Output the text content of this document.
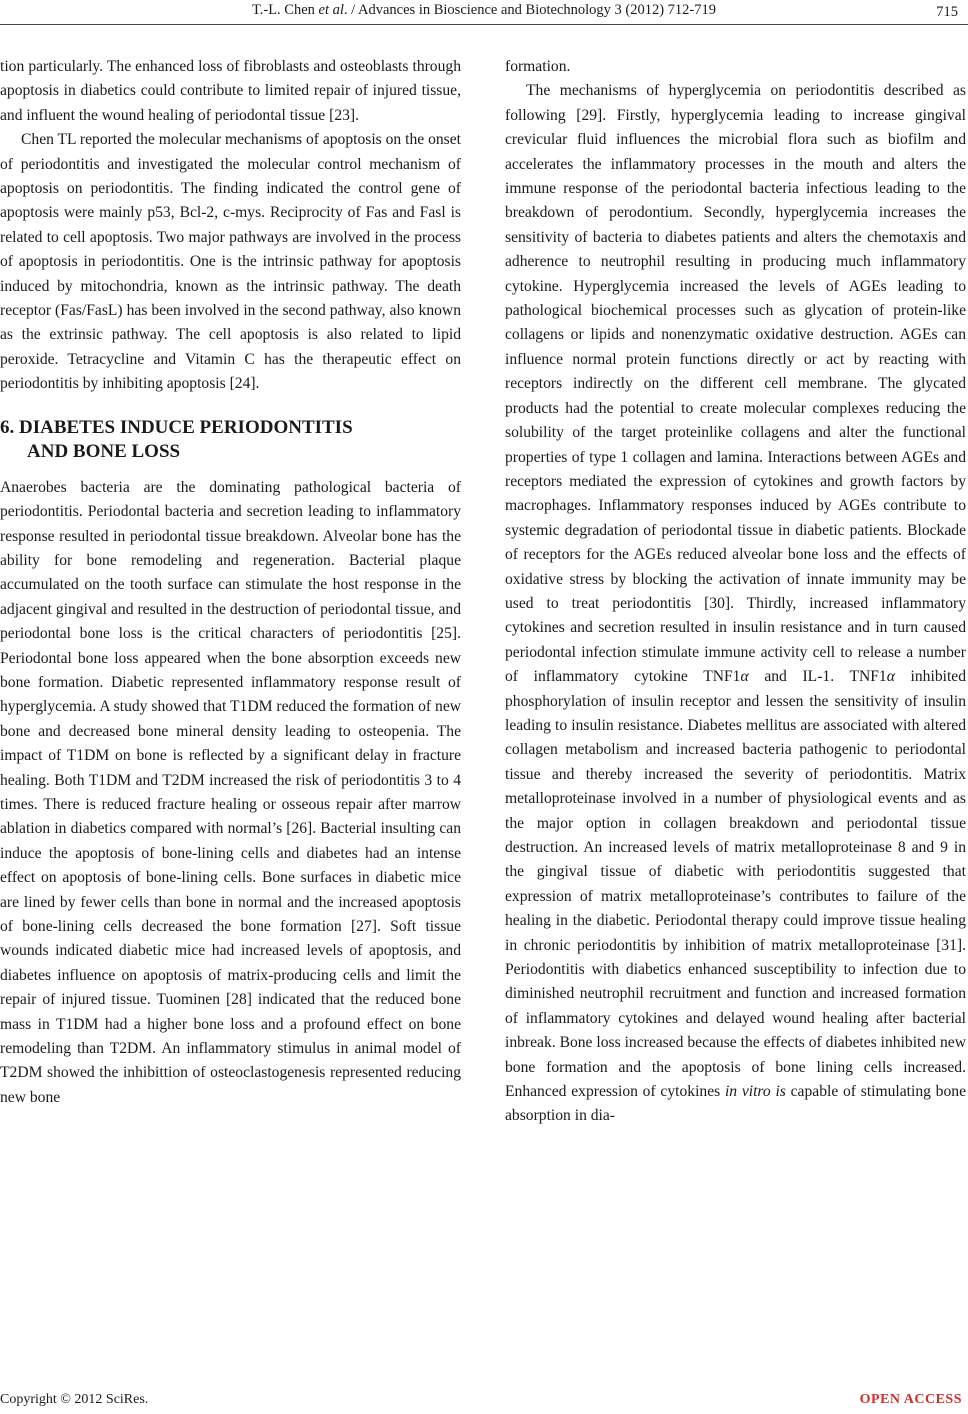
T.-L. Chen et al. / Advances in Bioscience and Biotechnology 3 (2012) 712-719	715

tion particularly. The enhanced loss of fibroblasts and osteoblasts through apoptosis in diabetics could contribute to limited repair of injured tissue, and influent the wound healing of periodontal tissue [23].

Chen TL reported the molecular mechanisms of apoptosis on the onset of periodontitis and investigated the molecular control mechanism of apoptosis on periodontitis. The finding indicated the control gene of apoptosis were mainly p53, Bcl-2, c-mys. Reciprocity of Fas and Fasl is related to cell apoptosis. Two major pathways are involved in the process of apoptosis in periodontitis. One is the intrinsic pathway for apoptosis induced by mitochondria, known as the intrinsic pathway. The death receptor (Fas/FasL) has been involved in the second pathway, also known as the extrinsic pathway. The cell apoptosis is also related to lipid peroxide. Tetracycline and Vitamin C has the therapeutic effect on periodontitis by inhibiting apoptosis [24].

6. DIABETES INDUCE PERIODONTITIS
AND BONE LOSS

Anaerobes bacteria are the dominating pathological bacteria of periodontitis. Periodontal bacteria and secretion leading to inflammatory response resulted in periodontal tissue breakdown. Alveolar bone has the ability for bone remodeling and regeneration. Bacterial plaque accumulated on the tooth surface can stimulate the host response in the adjacent gingival and resulted in the destruction of periodontal tissue, and periodontal bone loss is the critical characters of periodontitis [25]. Periodontal bone loss appeared when the bone absorption exceeds new bone formation. Diabetic represented inflammatory response result of hyperglycemia. A study showed that T1DM reduced the formation of new bone and decreased bone mineral density leading to osteopenia. The impact of T1DM on bone is reflected by a significant delay in fracture healing. Both T1DM and T2DM increased the risk of periodontitis 3 to 4 times. There is reduced fracture healing or osseous repair after marrow ablation in diabetics compared with normal’s [26]. Bacterial insulting can induce the apoptosis of bone-lining cells and diabetes had an intense effect on apoptosis of bone-lining cells. Bone surfaces in diabetic mice are lined by fewer cells than bone in normal and the increased apoptosis of bone-lining cells decreased the bone formation [27]. Soft tissue wounds indicated diabetic mice had increased levels of apoptosis, and diabetes influence on apoptosis of matrix-producing cells and limit the repair of injured tissue. Tuominen [28] indicated that the reduced bone mass in T1DM had a higher bone loss and a profound effect on bone remodeling than T2DM. An inflammatory stimulus in animal model of T2DM showed the inhibittion of osteoclastogenesis represented reducing new bone

formation.

The mechanisms of hyperglycemia on periodontitis described as following [29]. Firstly, hyperglycemia leading to increase gingival crevicular fluid influences the microbial flora such as biofilm and accelerates the inflammatory processes in the mouth and alters the immune response of the periodontal bacteria infectious leading to the breakdown of perodontium. Secondly, hyperglycemia increases the sensitivity of bacteria to diabetes patients and alters the chemotaxis and adherence to neutrophil resulting in producing much inflammatory cytokine. Hyperglycemia increased the levels of AGEs leading to pathological biochemical processes such as glycation of protein-like collagens or lipids and nonenzymatic oxidative destruction. AGEs can influence normal protein functions directly or act by reacting with receptors indirectly on the different cell membrane. The glycated products had the potential to create molecular complexes reducing the solubility of the target proteinlike collagens and alter the functional properties of type 1 collagen and lamina. Interactions between AGEs and receptors mediated the expression of cytokines and growth factors by macrophages. Inflammatory responses induced by AGEs contribute to systemic degradation of periodontal tissue in diabetic patients. Blockade of receptors for the AGEs reduced alveolar bone loss and the effects of oxidative stress by blocking the activation of innate immunity may be used to treat periodontitis [30]. Thirdly, increased inflammatory cytokines and secretion resulted in insulin resistance and in turn caused periodontal infection stimulate immune activity cell to release a number of inflammatory cytokine TNF1α and IL-1. TNF1α inhibited phosphorylation of insulin receptor and lessen the sensitivity of insulin leading to insulin resistance. Diabetes mellitus are associated with altered collagen metabolism and increased bacteria pathogenic to periodontal tissue and thereby increased the severity of periodontitis. Matrix metalloproteinase involved in a number of physiological events and as the major option in collagen breakdown and periodontal tissue destruction. An increased levels of matrix metalloproteinase 8 and 9 in the gingival tissue of diabetic with periodontitis suggested that expression of matrix metalloproteinase’s contributes to failure of the healing in the diabetic. Periodontal therapy could improve tissue healing in chronic periodontitis by inhibition of matrix metalloproteinase [31]. Periodontitis with diabetics enhanced susceptibility to infection due to diminished neutrophil recruitment and function and increased formation of inflammatory cytokines and delayed wound healing after bacterial inbreak. Bone loss increased because the effects of diabetes inhibited new bone formation and the apoptosis of bone lining cells increased. Enhanced expression of cytokines in vitro is capable of stimulating bone absorption in dia-

Copyright © 2012 SciRes.	OPEN ACCESS
